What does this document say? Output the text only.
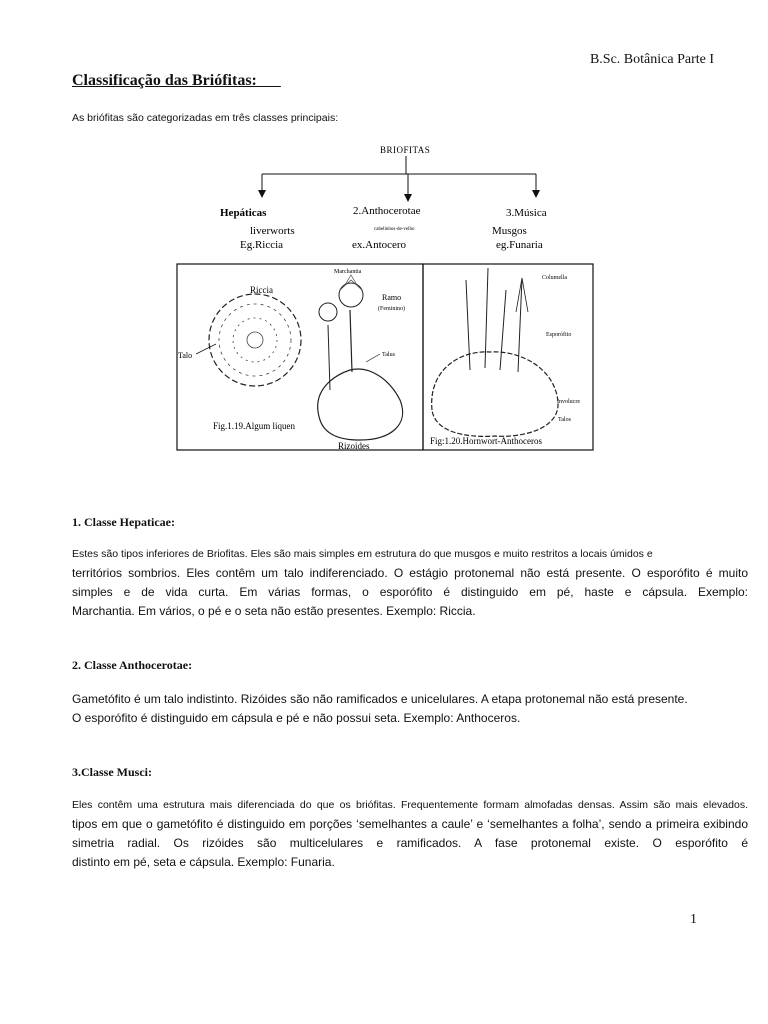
B.Sc. Botânica Parte I
Classificação das Briófitas:
As briófitas são categorizadas em três classes principais:
BRIOFITAS
Hepáticas
liverworts
Eg.Riccia
2.Anthocerotae
cabelinhos-de-velho
ex.Antocero
3.Música
Musgos
eg.Funaria
Riccia
Talo
Marchantia
Ramo
(Feminino)
Talus
Rizoides
Fig.1.19.Algum líquen
Columella
Esporófito
Involucre
Talos
Fig:1.20.Hornwort-Anthoceros
1. Classe Hepaticae:
Estes são tipos inferiores de Briofitas. Eles são mais simples em estrutura do que musgos e muito restritos a locais úmidos e
territórios sombrios. Eles contêm um talo indiferenciado. O estágio protonemal não está presente. O esporófito é muito
simples e de vida curta. Em várias formas, o esporófito é distinguido em pé, haste e cápsula. Exemplo:
Marchantia. Em vários, o pé e o seta não estão presentes. Exemplo: Riccia.
2. Classe Anthocerotae:
Gametófito é um talo indistinto. Rizóides são não ramificados e unicelulares. A etapa protonemal não está presente.
O esporófito é distinguido em cápsula e pé e não possui seta. Exemplo: Anthoceros.
3.Classe Musci:
Eles contêm uma estrutura mais diferenciada do que os briófitas. Frequentemente formam almofadas densas. Assim são mais elevados.
tipos em que o gametófito é distinguido em porções ‘semelhantes a caule’ e ‘semelhantes a folha’, sendo a primeira exibindo
simetria radial. Os rizóides são multicelulares e ramificados. A fase protonemal existe. O esporófito é
distinto em pé, seta e cápsula. Exemplo: Funaria.
1
